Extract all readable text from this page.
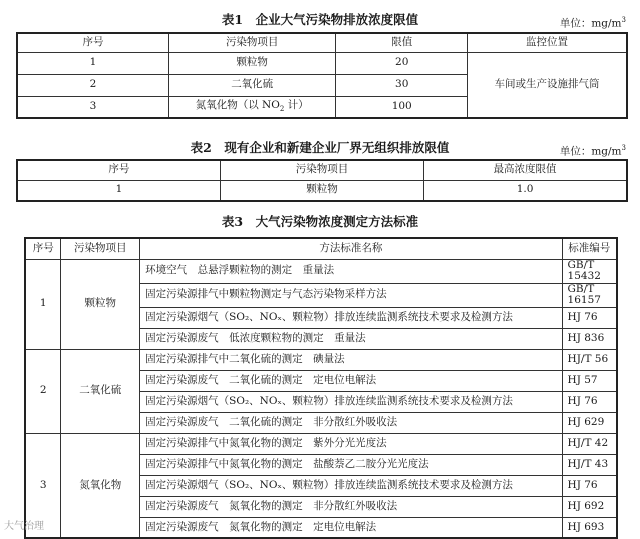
表1　企业大气污染物排放浓度限值	单位：$mg/m^3$
序号	污染物项目	限值	监控位置
1	颗粒物	20	车间或生产设施排气筒
2	二氧化硫	30	
3	氮氧化物（以 $NO_2$ 计）	100	
表2　现有企业和新建企业厂界无组织排放限值	单位：$mg/m^3$
序号	污染物项目	最高浓度限值
1	颗粒物	1.0
表3　大气污染物浓度测定方法标准
序号	污染物项目	方法标准名称	标准编号
1	颗粒物	环境空气　总悬浮颗粒物的测定　重量法	GB/T 15432
		固定污染源排气中颗粒物测定与气态污染物采样方法	GB/T 16157
		固定污染源烟气（SO₂、NOₓ、颗粒物）排放连续监测系统技术要求及检测方法	HJ 76
		固定污染源废气　低浓度颗粒物的测定　重量法	HJ 836
2	二氧化硫	固定污染源排气中二氧化硫的测定　碘量法	HJ/T 56
		固定污染源废气　二氧化硫的测定　定电位电解法	HJ 57
		固定污染源烟气（SO₂、NOₓ、颗粒物）排放连续监测系统技术要求及检测方法	HJ 76
		固定污染源废气　二氧化硫的测定　非分散红外吸收法	HJ 629
3	氮氧化物	固定污染源排气中氮氧化物的测定　紫外分光光度法	HJ/T 42
		固定污染源排气中氮氧化物的测定　盐酸萘乙二胺分光光度法	HJ/T 43
		固定污染源烟气（SO₂、NOₓ、颗粒物）排放连续监测系统技术要求及检测方法	HJ 76
		固定污染源废气　氮氧化物的测定　非分散红外吸收法	HJ 692
		固定污染源废气　氮氧化物的测定　定电位电解法	HJ 693
大气治理
